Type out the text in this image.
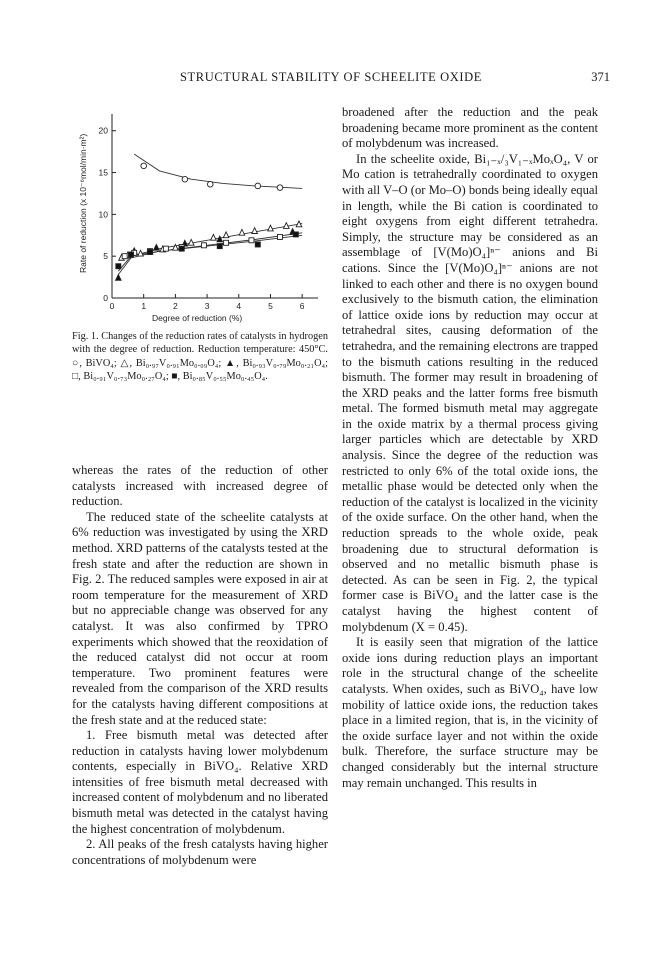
STRUCTURAL STABILITY OF SCHEELITE OXIDE	371
0	1	2	3	4	5	6
0
5
10
15
20
Rate of reduction (x 10⁻⁶mol/min·m²)
Degree of reduction (%)
Fig. 1. Changes of the reduction rates of catalysts in hydrogen with the degree of reduction. Reduction temperature: 450°C. ○, BiVO₄; △, Bi₀.₉₇V₀.₉₁Mo₀.₀₉O₄; ▲, Bi₀.₉₃V₀.₇₉Mo₀.₂₁O₄; □, Bi₀.₉₁V₀.₇₃Mo₀.₂₇O₄; ■, Bi₀.₈₅V₀.₅₅Mo₀.₄₅O₄.

whereas the rates of the reduction of other catalysts increased with increased degree of reduction.

The reduced state of the scheelite catalysts at 6% reduction was investigated by using the XRD method. XRD patterns of the catalysts tested at the fresh state and after the reduction are shown in Fig. 2. The reduced samples were exposed in air at room temperature for the measurement of XRD but no appreciable change was observed for any catalyst. It was also confirmed by TPRO experiments which showed that the reoxidation of the reduced catalyst did not occur at room temperature. Two prominent features were revealed from the comparison of the XRD results for the catalysts having different compositions at the fresh state and at the reduced state:

1. Free bismuth metal was detected after reduction in catalysts having lower molybdenum contents, especially in BiVO₄. Relative XRD intensities of free bismuth metal decreased with increased content of molybdenum and no liberated bismuth metal was detected in the catalyst having the highest concentration of molybdenum.

2. All peaks of the fresh catalysts having higher concentrations of molybdenum were

broadened after the reduction and the peak broadening became more prominent as the content of molybdenum was increased.

In the scheelite oxide, Bi₁₋ₓ/₃V₁₋ₓMoₓO₄, V or Mo cation is tetrahedrally coordinated to oxygen with all V–O (or Mo–O) bonds being ideally equal in length, while the Bi cation is coordinated to eight oxygens from eight different tetrahedra. Simply, the structure may be considered as an assemblage of [V(Mo)O₄]ⁿ⁻ anions and Bi cations. Since the [V(Mo)O₄]ⁿ⁻ anions are not linked to each other and there is no oxygen bound exclusively to the bismuth cation, the elimination of lattice oxide ions by reduction may occur at tetrahedral sites, causing deformation of the tetrahedra, and the remaining electrons are trapped to the bismuth cations resulting in the reduced bismuth. The former may result in broadening of the XRD peaks and the latter forms free bismuth metal. The formed bismuth metal may aggregate in the oxide matrix by a thermal process giving larger particles which are detectable by XRD analysis. Since the degree of the reduction was restricted to only 6% of the total oxide ions, the metallic phase would be detected only when the reduction of the catalyst is localized in the vicinity of the oxide surface. On the other hand, when the reduction spreads to the whole oxide, peak broadening due to structural deformation is observed and no metallic bismuth phase is detected. As can be seen in Fig. 2, the typical former case is BiVO₄ and the latter case is the catalyst having the highest content of molybdenum (X = 0.45).

It is easily seen that migration of the lattice oxide ions during reduction plays an important role in the structural change of the scheelite catalysts. When oxides, such as BiVO₄, have low mobility of lattice oxide ions, the reduction takes place in a limited region, that is, in the vicinity of the oxide surface layer and not within the oxide bulk. Therefore, the surface structure may be changed considerably but the internal structure may remain unchanged. This results in
